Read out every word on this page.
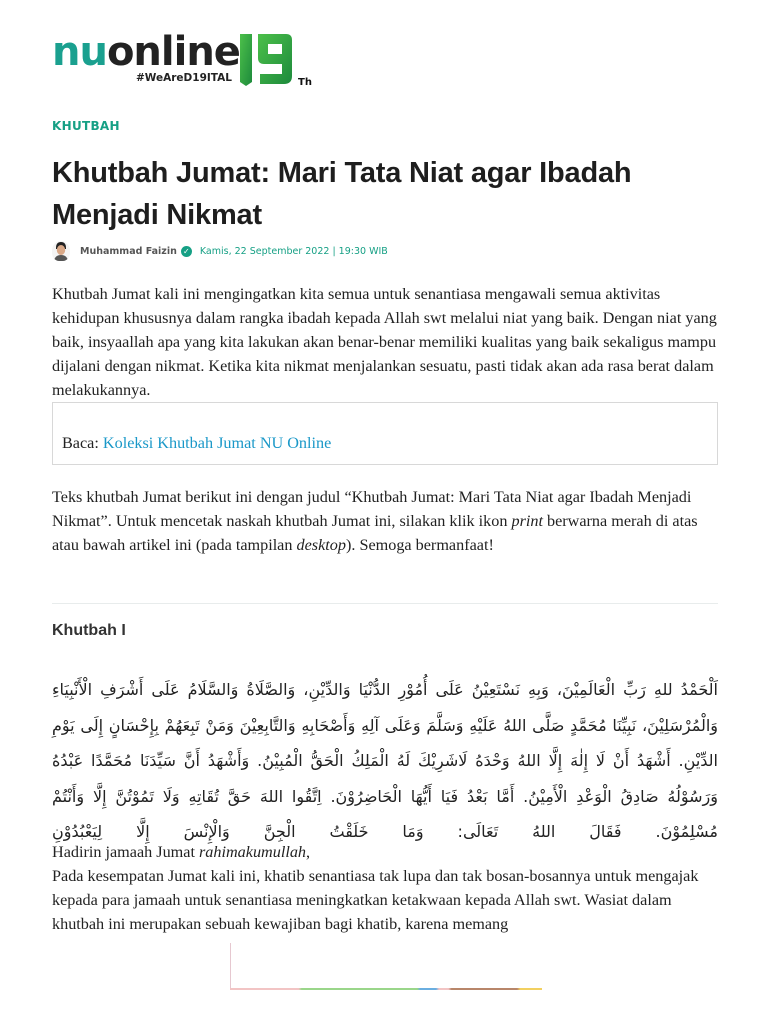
nuonline
#WeAreD19ITAL	Th
KHUTBAH
Khutbah Jumat: Mari Tata Niat agar Ibadah Menjadi Nikmat
Muhammad Faizin ✓ Kamis, 22 September 2022 | 19:30 WIB

Khutbah Jumat kali ini mengingatkan kita semua untuk senantiasa mengawali semua aktivitas kehidupan khususnya dalam rangka ibadah kepada Allah swt melalui niat yang baik. Dengan niat yang baik, insyaallah apa yang kita lakukan akan benar-benar memiliki kualitas yang baik sekaligus mampu dijalani dengan nikmat. Ketika kita nikmat menjalankan sesuatu, pasti tidak akan ada rasa berat dalam melakukannya.

Baca: Koleksi Khutbah Jumat NU Online

Teks khutbah Jumat berikut ini dengan judul “Khutbah Jumat: Mari Tata Niat agar Ibadah Menjadi Nikmat”. Untuk mencetak naskah khutbah Jumat ini, silakan klik ikon print berwarna merah di atas atau bawah artikel ini (pada tampilan desktop). Semoga bermanfaat!

Khutbah I

اَلْحَمْدُ للهِ رَبِّ الْعَالَمِيْنَ، وَبِهِ نَسْتَعِيْنُ عَلَى أُمُوْرِ الدُّنْيَا وَالدِّيْنِ، وَالصَّلَاةُ وَالسَّلَامُ عَلَى أَشْرَفِ الْأَنْبِيَاءِ وَالْمُرْسَلِيْنَ، نَبِيِّنَا مُحَمَّدٍ صَلَّى اللهُ عَلَيْهِ وَسَلَّمَ وَعَلَى آلِهِ وَأَصْحَابِهِ وَالتَّابِعِيْنَ وَمَنْ تَبِعَهُمْ بِإِحْسَانٍ إِلَى يَوْمِ الدِّيْنِ. أَشْهَدُ أَنْ لَا إِلٰهَ إِلَّا اللهُ وَحْدَهُ لَاشَرِيْكَ لَهُ الْمَلِكُ الْحَقُّ الْمُبِيْنُ. وَأَشْهَدُ أَنَّ سَيِّدَنَا مُحَمَّدًا عَبْدُهُ وَرَسُوْلُهُ صَادِقُ الْوَعْدِ الْأَمِيْنُ. أَمَّا بَعْدُ فَيَا أَيُّهَا الْحَاضِرُوْنَ. اِتَّقُوا اللهَ حَقَّ تُقَاتِهِ وَلَا تَمُوْتُنَّ إِلَّا وَأَنْتُمْ مُسْلِمُوْنَ. فَقَالَ اللهُ تَعَالَى: وَمَا خَلَقْتُ الْجِنَّ وَالْإِنْسَ إِلَّا لِيَعْبُدُوْنِ

Hadirin jamaah Jumat rahimakumullah,
Pada kesempatan Jumat kali ini, khatib senantiasa tak lupa dan tak bosan-bosannya untuk mengajak kepada para jamaah untuk senantiasa meningkatkan ketakwaan kepada Allah swt. Wasiat dalam khutbah ini merupakan sebuah kewajiban bagi khatib, karena memang
